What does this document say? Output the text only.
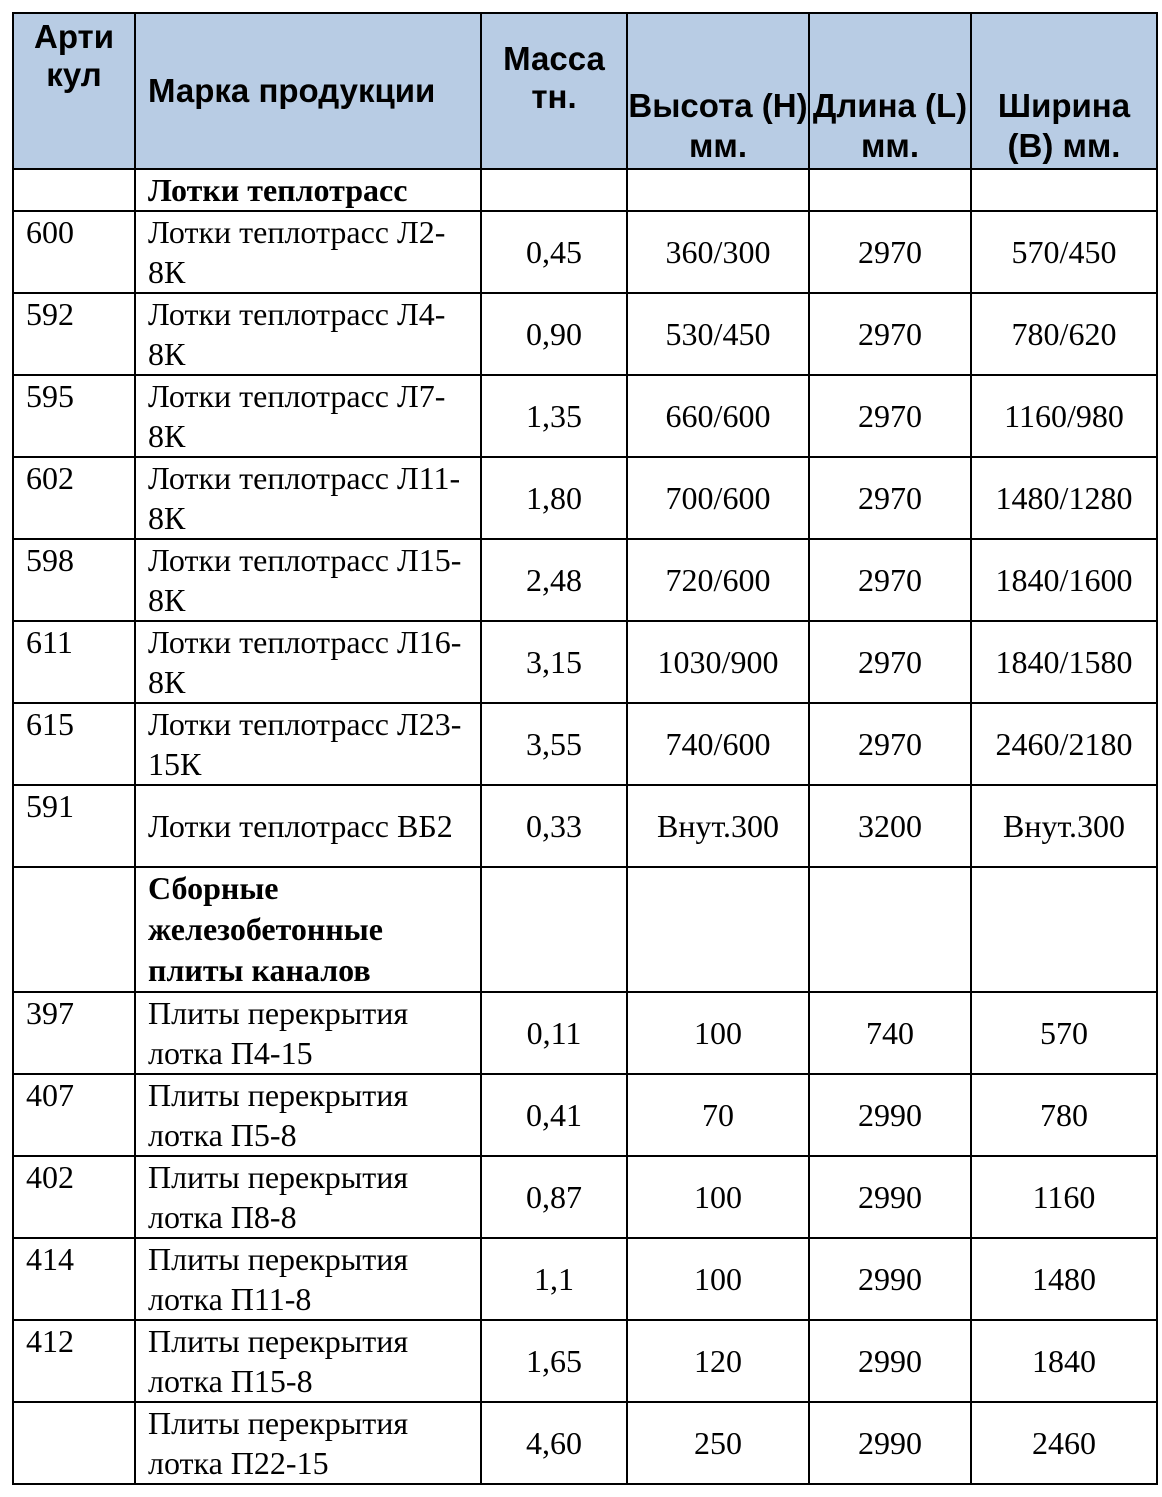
Арти кул	Марка продукции	Масса тн.	Высота (H) мм.	Длина (L) мм.	Ширина (B) мм.
	Лотки теплотрасс				
600	Лотки теплотрасс Л2-8К	0,45	360/300	2970	570/450
592	Лотки теплотрасс Л4-8К	0,90	530/450	2970	780/620
595	Лотки теплотрасс Л7-8К	1,35	660/600	2970	1160/980
602	Лотки теплотрасс Л11-8К	1,80	700/600	2970	1480/1280
598	Лотки теплотрасс Л15-8К	2,48	720/600	2970	1840/1600
611	Лотки теплотрасс Л16-8К	3,15	1030/900	2970	1840/1580
615	Лотки теплотрасс Л23-15К	3,55	740/600	2970	2460/2180
591	Лотки теплотрасс ВБ2	0,33	Внут.300	3200	Внут.300
	Сборные железобетонные плиты каналов				
397	Плиты перекрытия лотка П4-15	0,11	100	740	570
407	Плиты перекрытия лотка П5-8	0,41	70	2990	780
402	Плиты перекрытия лотка П8-8	0,87	100	2990	1160
414	Плиты перекрытия лотка П11-8	1,1	100	2990	1480
412	Плиты перекрытия лотка П15-8	1,65	120	2990	1840
	Плиты перекрытия лотка П22-15	4,60	250	2990	2460
